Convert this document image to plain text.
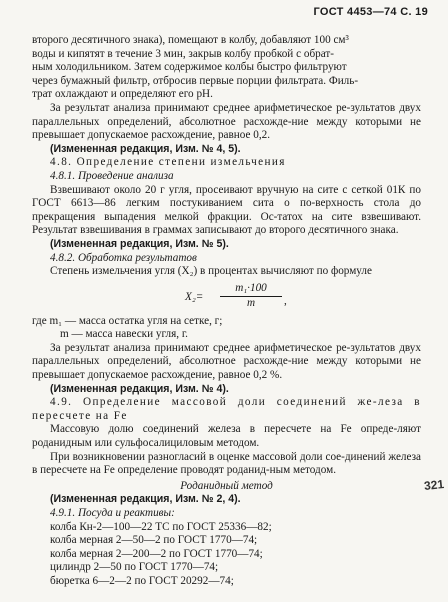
ГОСТ 4453—74 С. 19

второго десятичного знака), помещают в колбу, добавляют 100 см³

воды и кипятят в течение 3 мин, закрыв колбу пробкой с обрат-

ным холодильником. Затем содержимое колбы быстро фильтруют

через бумажный фильтр, отбросив первые порции фильтрата. Филь-

трат охлаждают и определяют его pH.

За результат анализа принимают среднее арифметическое ре-зультатов двух параллельных определений, абсолютное расхожде-ние между которыми не превышает допускаемое расхождение, равное 0,2.

(Измененная редакция, Изм. № 4, 5).

4.8. Определение степени измельчения

4.8.1. Проведение анализа

Взвешивают около 20 г угля, просеивают вручную на сите с сеткой 01К по ГОСТ 6613—86 легким постукиванием сита о по-верхность стола до прекращения выпадения мелкой фракции. Ос-татох на сите взвешивают. Результат взвешивания в граммах записывают до второго десятичного знака.

(Измененная редакция, Изм. № 5).

4.8.2. Обработка результатов

Степень измельчения угля (X₂) в процентах вычисляют по формуле

$X_2= \frac{\text{m₁·100}}{m}$ ,

где m₁ — масса остатка угля на сетке, г;

m — масса навески угля, г.

За результат анализа принимают среднее арифметическое ре-зультатов двух параллельных определений, абсолютное расхожде-ние между которыми не превышает допускаемое расхождение, равное 0,2 %.

(Измененная редакция, Изм. № 4).

4.9. Определение массовой доли соединений же-леза в пересчете на Fe

Массовую долю соединений железа в пересчете на Fe опреде-ляют роданидным или сульфосалициловым методом.

При возникновении разногласий в оценке массовой доли сое-динений железа в пересчете на Fe определение проводят роданид-ным методом.

Роданидный метод

(Измененная редакция, Изм. № 2, 4).

4.9.1. Посуда и реактивы:

колба Кн-2—100—22 ТС по ГОСТ 25336—82;

колба мерная 2—50—2 по ГОСТ 1770—74;

колба мерная 2—200—2 по ГОСТ 1770—74;

цилиндр 2—50 по ГОСТ 1770—74;

бюретка 6—2—2 по ГОСТ 20292—74;

321
